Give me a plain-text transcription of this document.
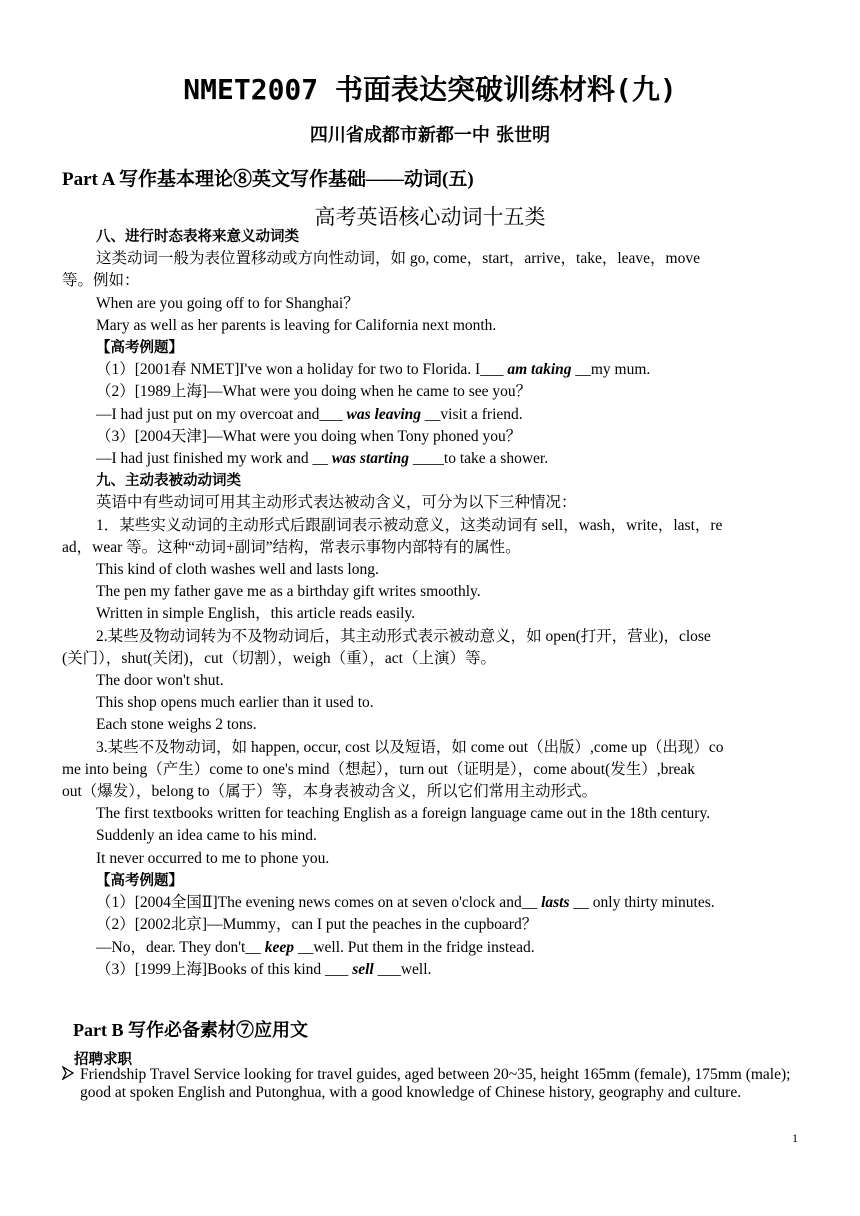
NMET2007 书面表达突破训练材料(九)
四川省成都市新都一中 张世明
Part A 写作基本理论⑧英文写作基础——动词(五)
高考英语核心动词十五类

八、进行时态表将来意义动词类

这类动词一般为表位置移动或方向性动词，如 go, come，start，arrive，take，leave，move

等。例如：

When are you going off to for Shanghai？

Mary as well as her parents is leaving for California next month.

【高考例题】

（1）[2001春 NMET]I've won a holiday for two to Florida. I___ am taking __my mum.

（2）[1989上海]—What were you doing when he came to see you？

—I had just put on my overcoat and___ was leaving __visit a friend.

（3）[2004天津]—What were you doing when Tony phoned you？

—I had just finished my work and __ was starting ____to take a shower.

九、主动表被动动词类

英语中有些动词可用其主动形式表达被动含义，可分为以下三种情况：

1．某些实义动词的主动形式后跟副词表示被动意义，这类动词有 sell，wash，write，last，re

ad，wear 等。这种“动词+副词”结构，常表示事物内部特有的属性。

This kind of cloth washes well and lasts long.

The pen my father gave me as a birthday gift writes smoothly.

Written in simple English，this article reads easily.

2.某些及物动词转为不及物动词后，其主动形式表示被动意义，如 open(打开，营业)，close

(关门），shut(关闭)，cut（切割），weigh（重），act（上演）等。

The door won't shut.

This shop opens much earlier than it used to.

Each stone weighs 2 tons.

3.某些不及物动词，如 happen, occur, cost 以及短语，如 come out（出版）,come up（出现）co

me into being（产生）come to one's mind（想起），turn out（证明是），come about(发生）,break

out（爆发），belong to（属于）等，本身表被动含义，所以它们常用主动形式。

The first textbooks written for teaching English as a foreign language came out in the 18th century.

Suddenly an idea came to his mind.

It never occurred to me to phone you.

【高考例题】

（1）[2004全国Ⅱ]The evening news comes on at seven o'clock and__ lasts __ only thirty minutes.

（2）[2002北京]—Mummy，can I put the peaches in the cupboard？

—No，dear. They don't__ keep __well. Put them in the fridge instead.

（3）[1999上海]Books of this kind ___ sell ___well.

Part B 写作必备素材⑦应用文
招聘求职
Friendship Travel Service looking for travel guides, aged between 20~35, height 165mm (female), 175mm (male); good at spoken English and Putonghua, with a good knowledge of Chinese history, geography and culture.
1
